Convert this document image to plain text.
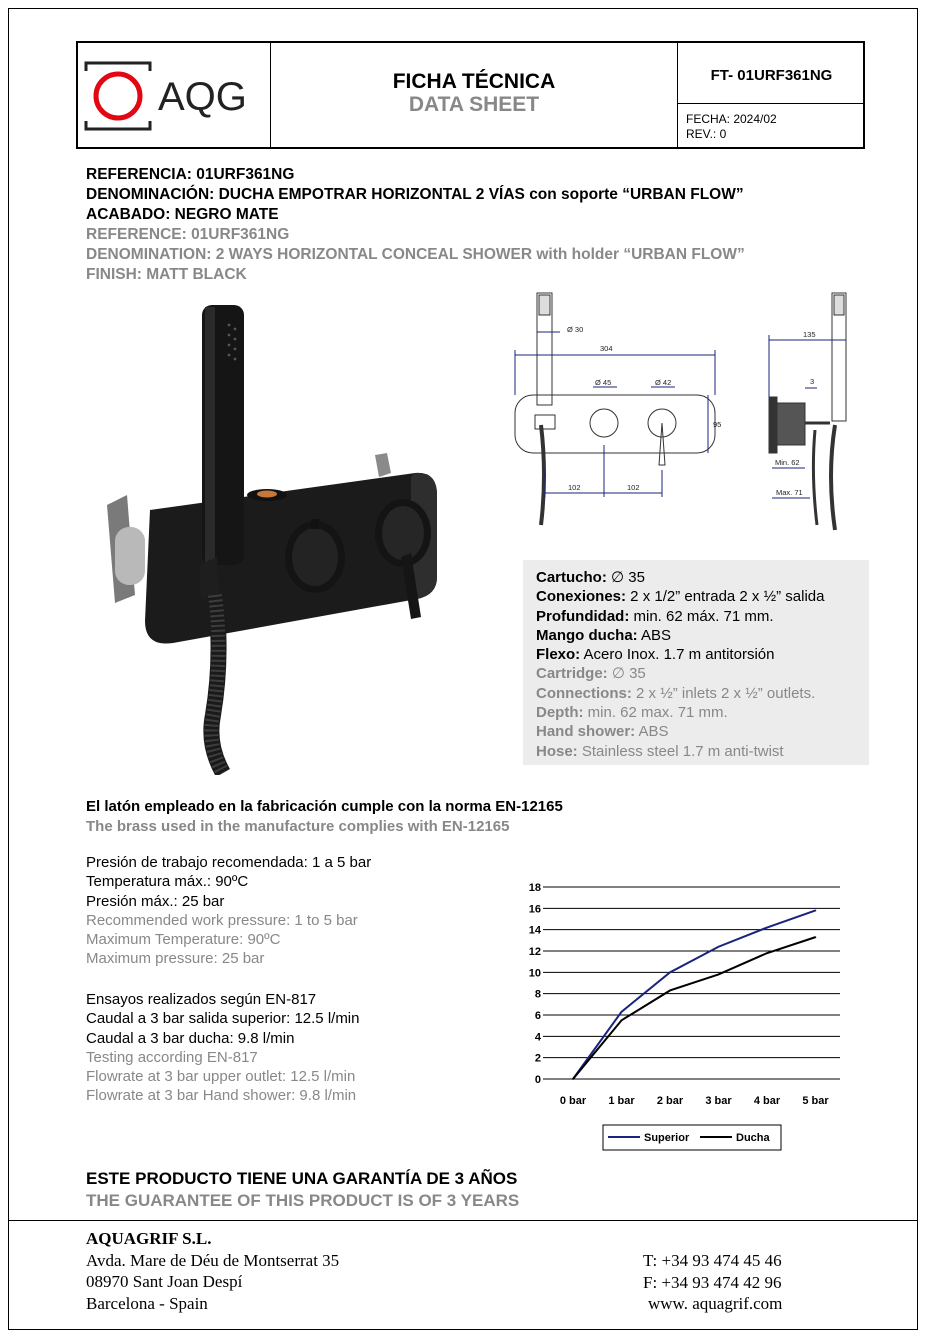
AQG	FICHA TÉCNICA
DATA SHEET
FT- 01URF361NG
FECHA: 2024/02
REV.: 0
REFERENCIA: 01URF361NG
DENOMINACIÓN: DUCHA EMPOTRAR HORIZONTAL 2 VÍAS con soporte “URBAN FLOW”
ACABADO: NEGRO MATE
REFERENCE: 01URF361NG
DENOMINATION: 2 WAYS HORIZONTAL CONCEAL SHOWER with holder “URBAN FLOW”
FINISH: MATT BLACK
Ø 30
304
Ø 45	Ø 42
95
102	102
135
3
Min. 62
Max. 71
Cartucho: ∅ 35
Conexiones: 2 x 1/2” entrada 2 x ½” salida
Profundidad: min. 62 máx. 71 mm.
Mango ducha: ABS
Flexo: Acero Inox. 1.7 m antitorsión
Cartridge: ∅ 35
Connections: 2 x ½” inlets 2 x ½” outlets.
Depth: min. 62 max. 71 mm.
Hand shower: ABS
Hose: Stainless steel 1.7 m anti-twist
El latón empleado en la fabricación cumple con la norma EN-12165
The brass used in the manufacture complies with EN-12165
Presión de trabajo recomendada: 1 a 5 bar
Temperatura máx.: 90ºC
Presión máx.: 25 bar
Recommended work pressure: 1 to 5 bar
Maximum Temperature: 90ºC
Maximum pressure: 25 bar
Ensayos realizados según EN-817
Caudal a 3 bar salida superior: 12.5 l/min
Caudal a 3 bar ducha: 9.8 l/min
Testing according EN-817
Flowrate at 3 bar upper outlet: 12.5 l/min
Flowrate at 3 bar Hand shower: 9.8 l/min
0
2
4
6
8
10
12
14
16
18
0 bar 1 bar 2 bar 3 bar 4 bar 5 bar
Superior	Ducha
ESTE PRODUCTO TIENE UNA GARANTÍA DE 3 AÑOS
THE GUARANTEE OF THIS PRODUCT IS OF 3 YEARS
AQUAGRIF S.L.
Avda. Mare de Déu de Montserrat 35
08970 Sant Joan Despí
Barcelona - Spain
T: +34 93 474 45 46
F: +34 93 474 42 96
www. aquagrif.com
